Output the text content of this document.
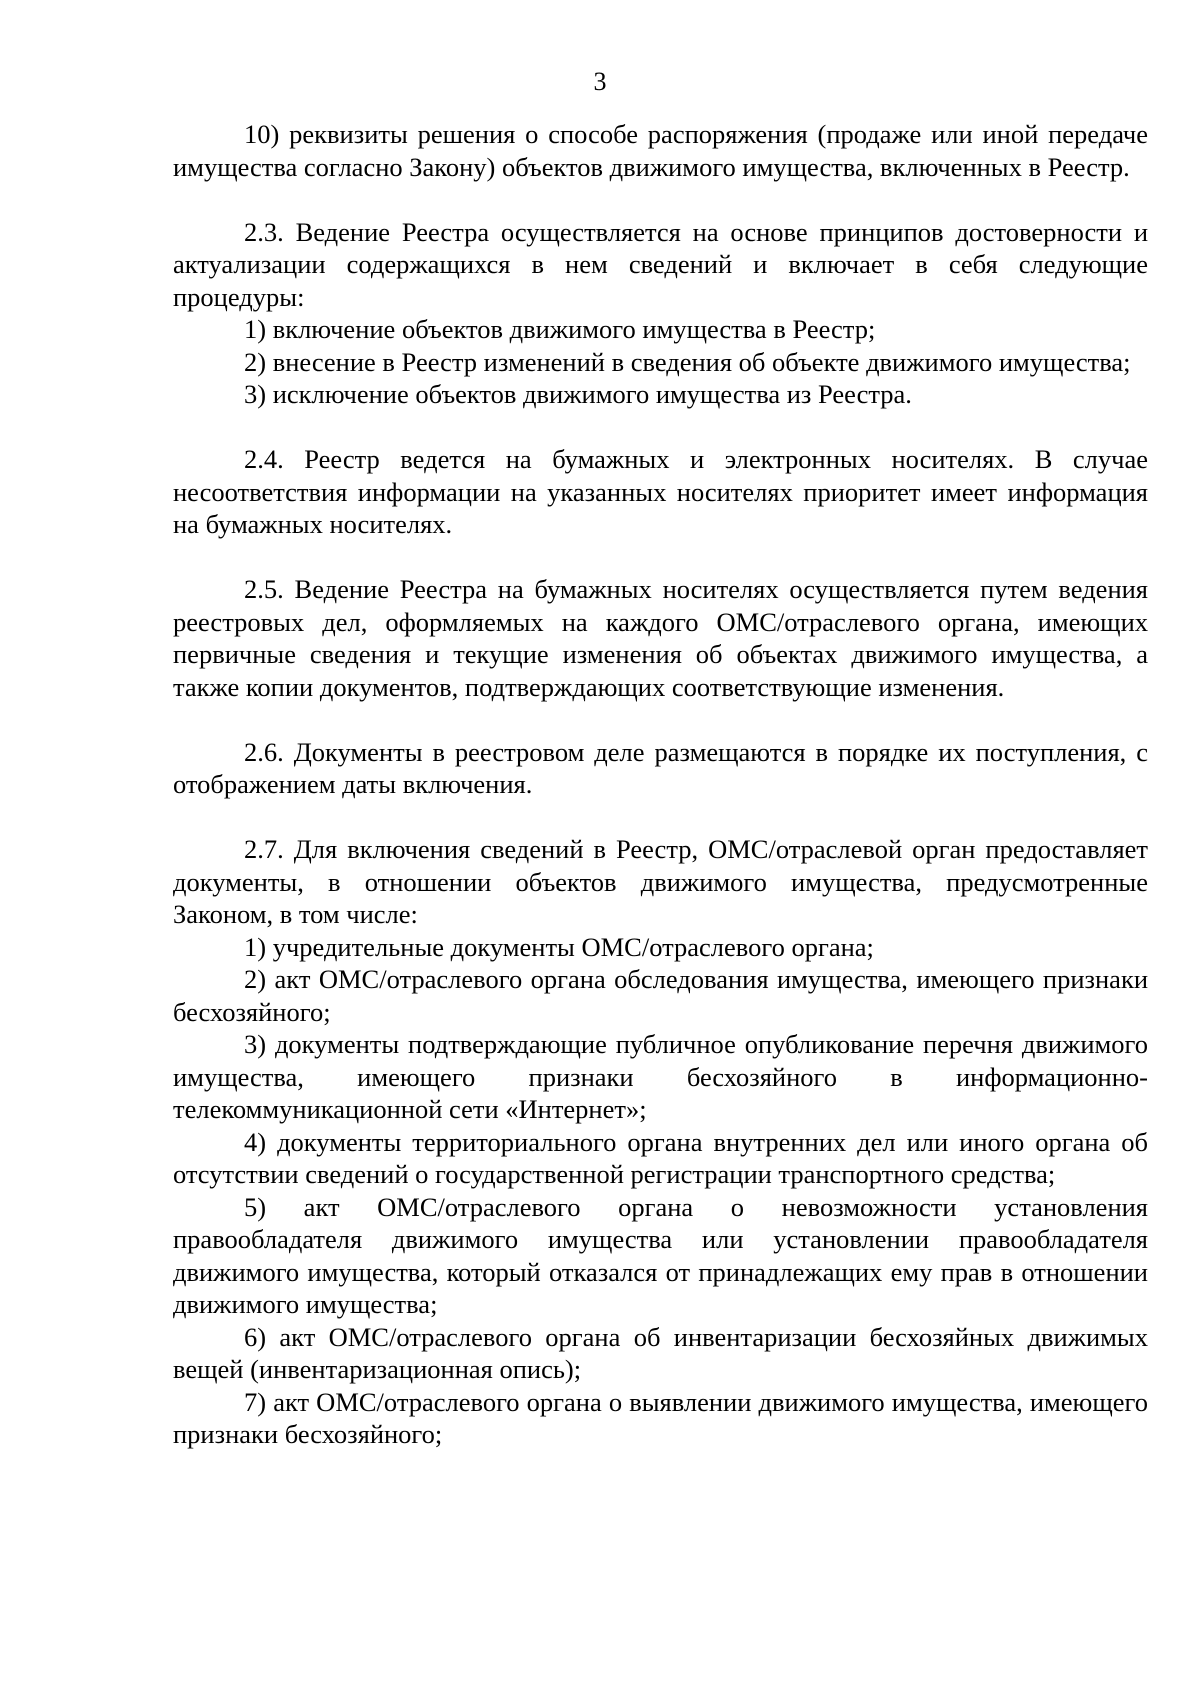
3

10) реквизиты решения о способе распоряжения (продаже или иной передаче имущества согласно Закону) объектов движимого имущества, включенных в Реестр.

2.3. Ведение Реестра осуществляется на основе принципов достоверности и актуализации содержащихся в нем сведений и включает в себя следующие процедуры:

1) включение объектов движимого имущества в Реестр;

2) внесение в Реестр изменений в сведения об объекте движимого имущества;

3) исключение объектов движимого имущества из Реестра.

2.4. Реестр ведется на бумажных и электронных носителях. В случае несоответствия информации на указанных носителях приоритет имеет информация на бумажных носителях.

2.5. Ведение Реестра на бумажных носителях осуществляется путем ведения реестровых дел, оформляемых на каждого ОМС/отраслевого органа, имеющих первичные сведения и текущие изменения об объектах движимого имущества, а также копии документов, подтверждающих соответствующие изменения.

2.6. Документы в реестровом деле размещаются в порядке их поступления, с отображением даты включения.

2.7. Для включения сведений в Реестр, ОМС/отраслевой орган предоставляет документы, в отношении объектов движимого имущества, предусмотренные Законом, в том числе:

1) учредительные документы ОМС/отраслевого органа;

2) акт ОМС/отраслевого органа обследования имущества, имеющего признаки бесхозяйного;

3) документы подтверждающие публичное опубликование перечня движимого имущества, имеющего признаки бесхозяйного в информационно-телекоммуникационной сети «Интернет»;

4) документы территориального органа внутренних дел или иного органа об отсутствии сведений о государственной регистрации транспортного средства;

5) акт ОМС/отраслевого органа о невозможности установления правообладателя движимого имущества или установлении правообладателя движимого имущества, который отказался от принадлежащих ему прав в отношении движимого имущества;

6) акт ОМС/отраслевого органа об инвентаризации бесхозяйных движимых вещей (инвентаризационная опись);

7) акт ОМС/отраслевого органа о выявлении движимого имущества, имеющего признаки бесхозяйного;
